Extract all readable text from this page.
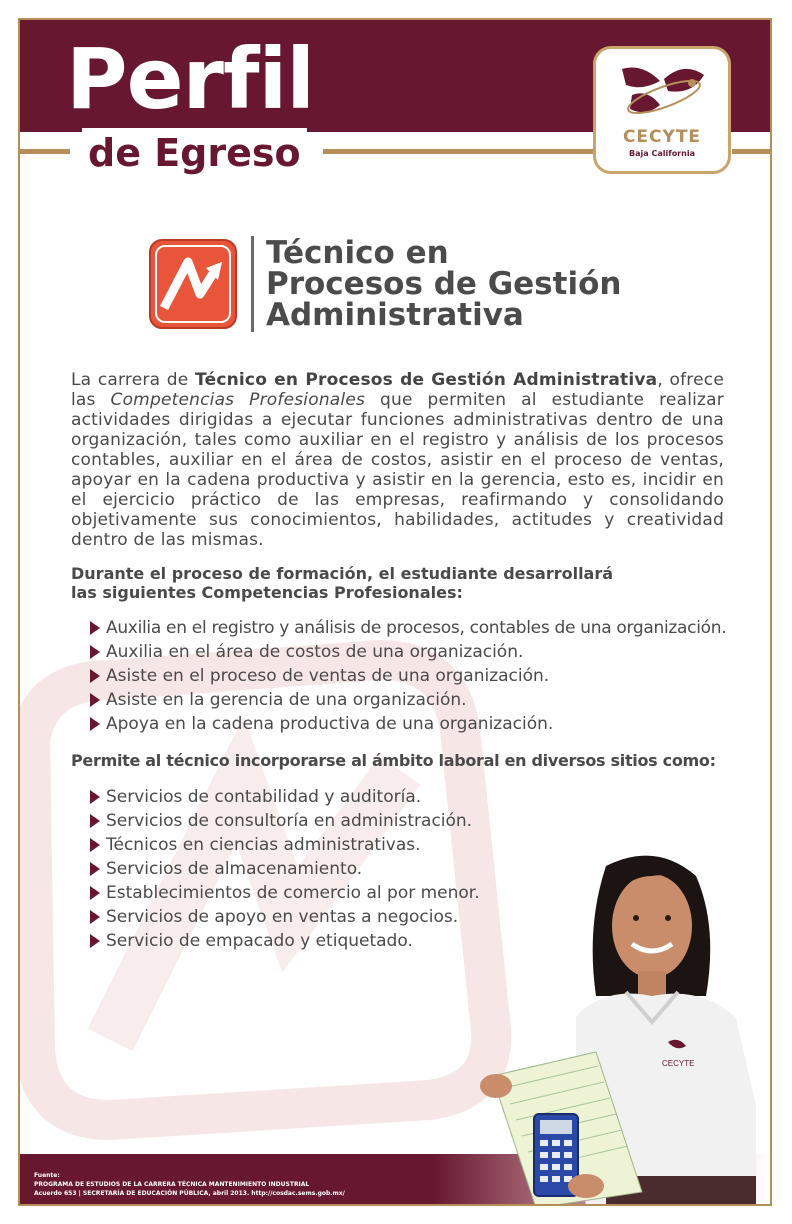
Perfil
de Egreso	CECYTE
Baja California
Técnico en
Procesos de Gestión
Administrativa
La carrera de Técnico en Procesos de Gestión Administrativa, ofrece las Competencias Profesionales que permiten al estudiante realizar actividades dirigidas a ejecutar funciones administrativas dentro de una organización, tales como auxiliar en el registro y análisis de los procesos contables, auxiliar en el área de costos, asistir en el proceso de ventas, apoyar en la cadena productiva y asistir en la gerencia, esto es, incidir en el ejercicio práctico de las empresas, reafirmando y consolidando objetivamente sus conocimientos, habilidades, actitudes y creatividad dentro de las mismas.
Durante el proceso de formación, el estudiante desarrollará
las siguientes Competencias Profesionales:
Auxilia en el registro y análisis de procesos, contables de una organización.
Auxilia en el área de costos de una organización.
Asiste en el proceso de ventas de una organización.
Asiste en la gerencia de una organización.
Apoya en la cadena productiva de una organización.
Permite al técnico incorporarse al ámbito laboral en diversos sitios como:
Servicios de contabilidad y auditoría.
Servicios de consultoría en administración.
Técnicos en ciencias administrativas.
Servicios de almacenamiento.
Establecimientos de comercio al por menor.
Servicios de apoyo en ventas a negocios.
Servicio de empacado y etiquetado.
Fuente:
PROGRAMA DE ESTUDIOS DE LA CARRERA TÉCNICA MANTENIMIENTO INDUSTRIAL
Acuerdo 653 | SECRETARÍA DE EDUCACIÓN PÚBLICA, abril 2013. http://cosdac.sems.gob.mx/
CECYTE
